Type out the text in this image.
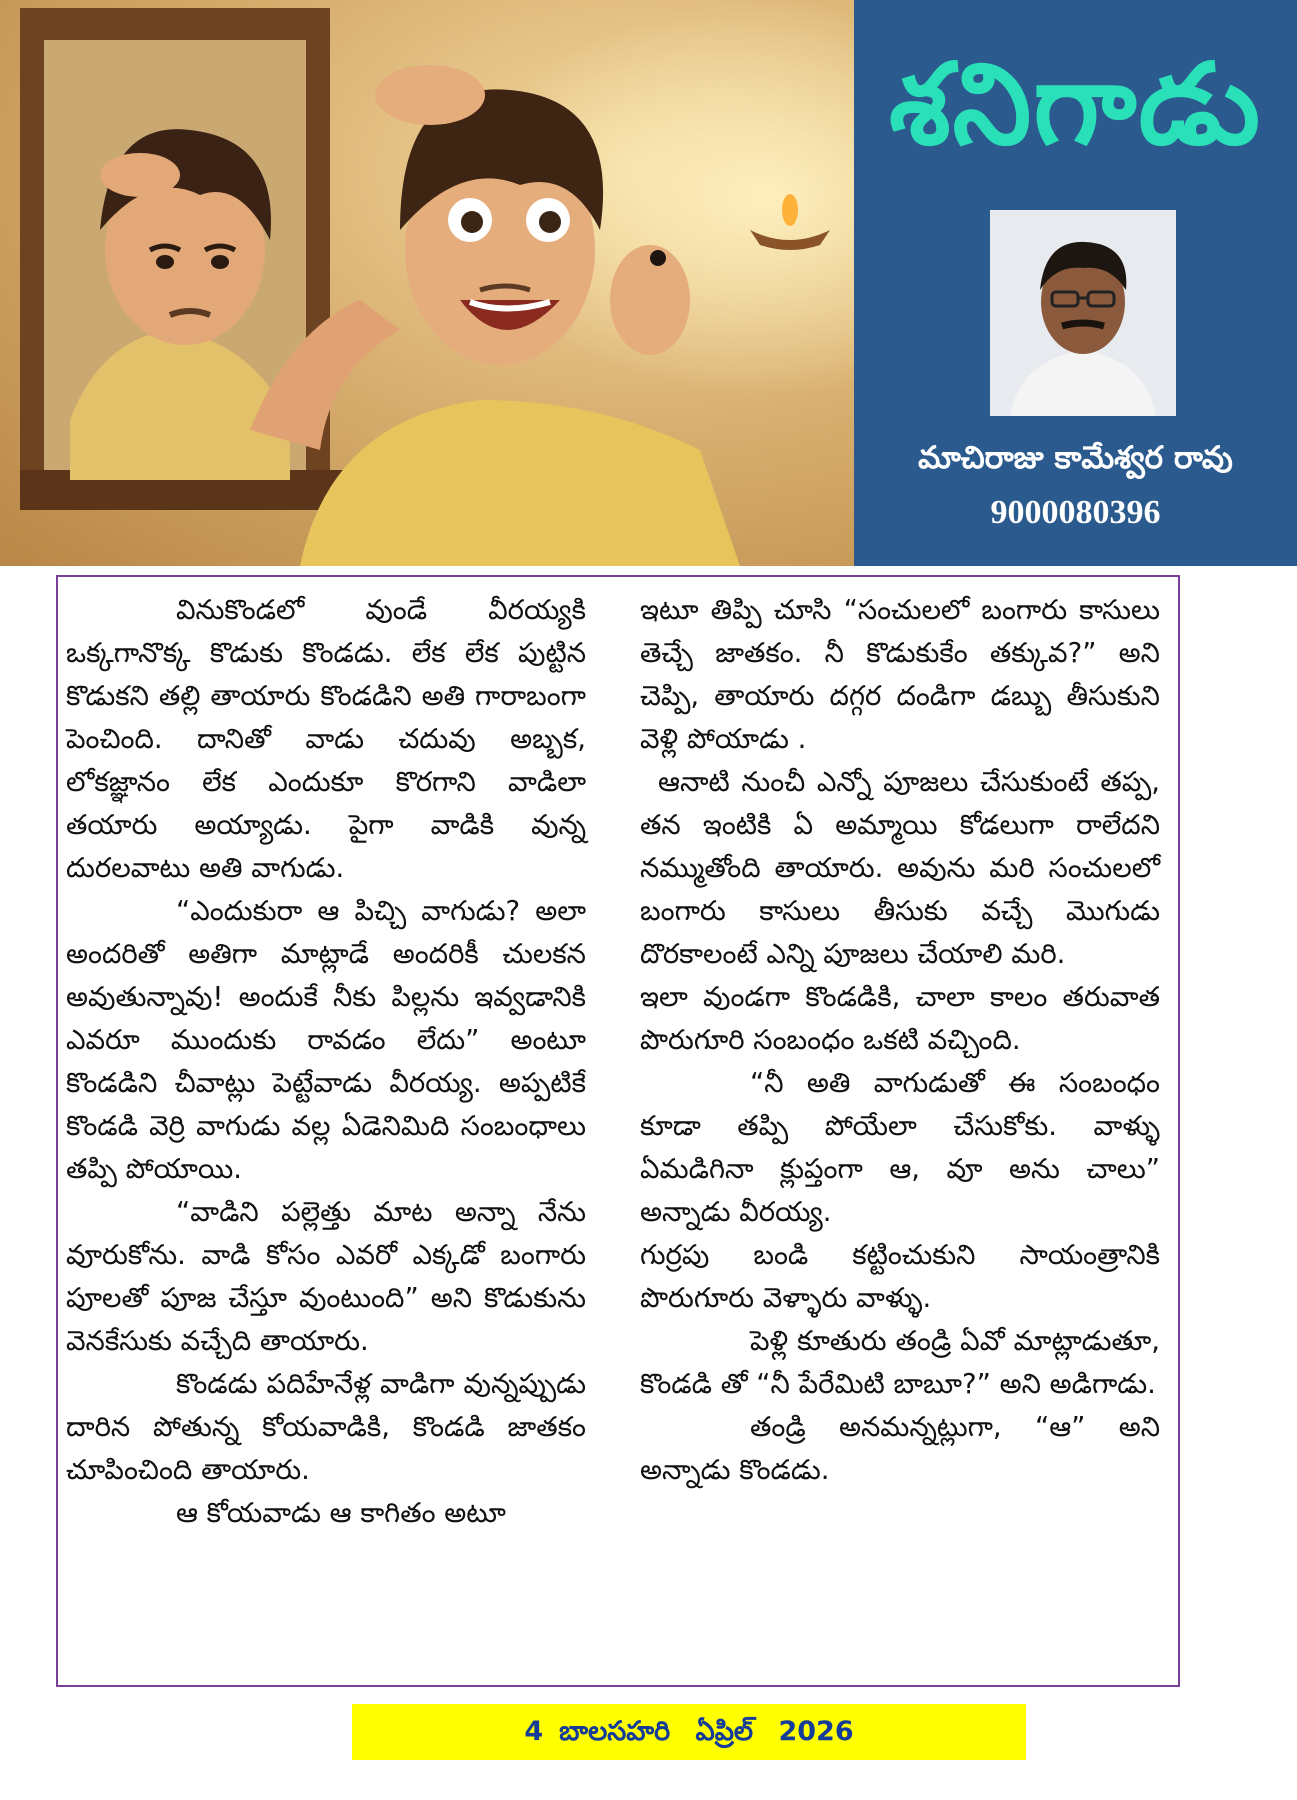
శనిగాడు
మాచిరాజు కామేశ్వర రావు
9000080396

వినుకొండలో వుండే వీరయ్యకి ఒక్కగానొక్క కొడుకు కొండడు. లేక లేక పుట్టిన కొడుకని తల్లి తాయారు కొండడిని అతి గారాబంగా పెంచింది. దానితో వాడు చదువు అబ్బక, లోకజ్ఞానం లేక ఎందుకూ కొరగాని వాడిలా తయారు అయ్యాడు. పైగా వాడికి వున్న దురలవాటు అతి వాగుడు.

“ఎందుకురా ఆ పిచ్చి వాగుడు? అలా అందరితో అతిగా మాట్లాడే అందరికీ చులకన అవుతున్నావు! అందుకే నీకు పిల్లను ఇవ్వడానికి ఎవరూ ముందుకు రావడం లేదు” అంటూ కొండడిని చీవాట్లు పెట్టేవాడు వీరయ్య. అప్పటికే కొండడి వెర్రి వాగుడు వల్ల ఏడెనిమిది సంబంధాలు తప్పి పోయాయి.

“వాడిని పల్లెత్తు మాట అన్నా నేను వూరుకోను. వాడి కోసం ఎవరో ఎక్కడో బంగారు పూలతో పూజ చేస్తూ వుంటుంది” అని కొడుకును వెనకేసుకు వచ్చేది తాయారు.

కొండడు పదిహేనేళ్ల వాడిగా వున్నప్పుడు దారిన పోతున్న కోయవాడికి, కొండడి జాతకం చూపించింది తాయారు.

ఆ కోయవాడు ఆ కాగితం అటూ

ఇటూ తిప్పి చూసి “సంచులలో బంగారు కాసులు తెచ్చే జాతకం. నీ కొడుకుకేం తక్కువ?” అని చెప్పి, తాయారు దగ్గర దండిగా డబ్బు తీసుకుని వెళ్లి పోయాడు .

ఆనాటి నుంచీ ఎన్నో పూజలు చేసుకుంటే తప్ప, తన ఇంటికి ఏ అమ్మాయి కోడలుగా రాలేదని నమ్ముతోంది తాయారు. అవును మరి సంచులలో బంగారు కాసులు తీసుకు వచ్చే మొగుడు దొరకాలంటే ఎన్ని పూజలు చేయాలి మరి.

ఇలా వుండగా కొండడికి, చాలా కాలం తరువాత పొరుగూరి సంబంధం ఒకటి వచ్చింది.

“నీ అతి వాగుడుతో ఈ సంబంధం కూడా తప్పి పోయేలా చేసుకోకు. వాళ్ళు ఏమడిగినా క్లుప్తంగా ఆ, వూ అను చాలు” అన్నాడు వీరయ్య.

గుర్రపు బండి కట్టించుకుని సాయంత్రానికి పొరుగూరు వెళ్ళారు వాళ్ళు.

పెళ్లి కూతురు తండ్రి ఏవో మాట్లాడుతూ, కొండడి తో “నీ పేరేమిటి బాబూ?” అని అడిగాడు.

తండ్రి అనమన్నట్లుగా, “ఆ” అని అన్నాడు కొండడు.

4 బాలసహరి ఏప్రిల్ 2026
